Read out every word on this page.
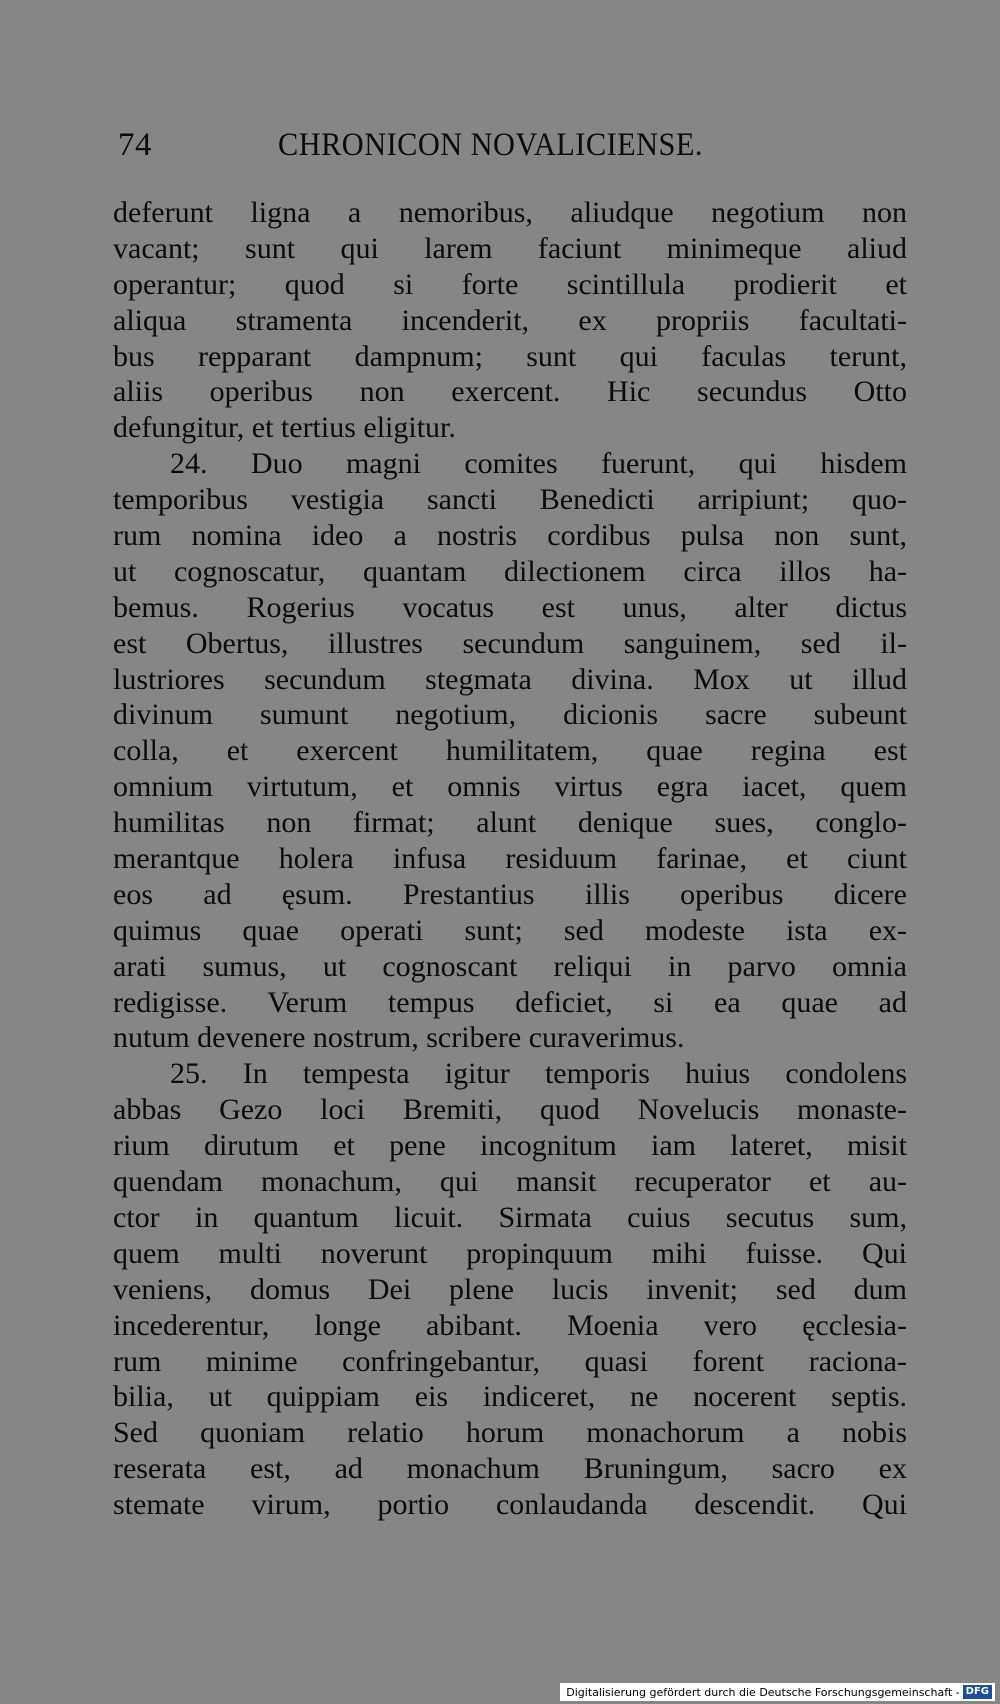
74	CHRONICON NOVALICIENSE.
deferunt ligna a nemoribus, aliudque negotium non
vacant; sunt qui larem faciunt minimeque aliud
operantur; quod si forte scintillula prodierit et
aliqua stramenta incenderit, ex propriis facultati-
bus repparant dampnum; sunt qui faculas terunt,
aliis operibus non exercent. Hic secundus Otto
defungitur, et tertius eligitur.
24. Duo magni comites fuerunt, qui hisdem
temporibus vestigia sancti Benedicti arripiunt; quo-
rum nomina ideo a nostris cordibus pulsa non sunt,
ut cognoscatur, quantam dilectionem circa illos ha-
bemus. Rogerius vocatus est unus, alter dictus
est Obertus, illustres secundum sanguinem, sed il-
lustriores secundum stegmata divina. Mox ut illud
divinum sumunt negotium, dicionis sacre subeunt
colla, et exercent humilitatem, quae regina est
omnium virtutum, et omnis virtus egra iacet, quem
humilitas non firmat; alunt denique sues, conglo-
merantque holera infusa residuum farinae, et ciunt
eos ad ęsum. Prestantius illis operibus dicere
quimus quae operati sunt; sed modeste ista ex-
arati sumus, ut cognoscant reliqui in parvo omnia
redigisse. Verum tempus deficiet, si ea quae ad
nutum devenere nostrum, scribere curaverimus.
25. In tempesta igitur temporis huius condolens
abbas Gezo loci Bremiti, quod Novelucis monaste-
rium dirutum et pene incognitum iam lateret, misit
quendam monachum, qui mansit recuperator et au-
ctor in quantum licuit. Sirmata cuius secutus sum,
quem multi noverunt propinquum mihi fuisse. Qui
veniens, domus Dei plene lucis invenit; sed dum
incederentur, longe abibant. Moenia vero ęcclesia-
rum minime confringebantur, quasi forent raciona-
bilia, ut quippiam eis indiceret, ne nocerent septis.
Sed quoniam relatio horum monachorum a nobis
reserata est, ad monachum Bruningum, sacro ex
stemate virum, portio conlaudanda descendit. Qui
Digitalisierung gefördert durch die Deutsche Forschungsgemeinschaft - DFG
